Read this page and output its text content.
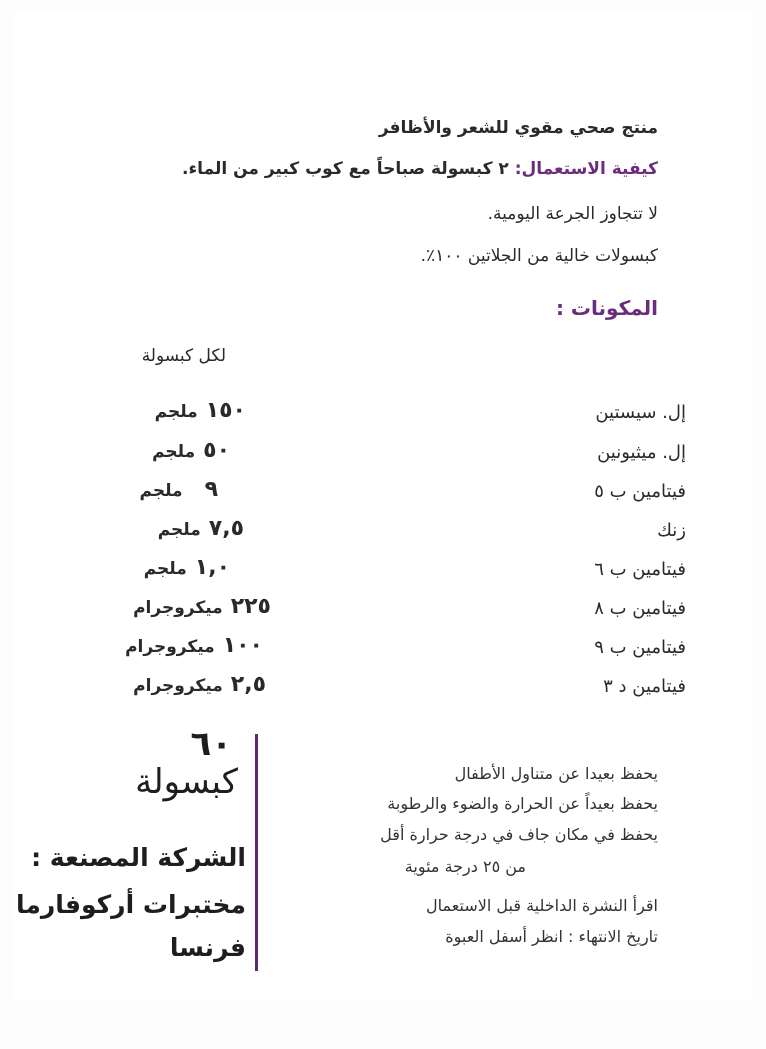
منتج صحي مقوي للشعر والأظافر
كيفية الاستعمال: ٢ كبسولة صباحاً مع كوب كبير من الماء.
لا تتجاوز الجرعة اليومية.
كبسولات خالية من الجلاتين ١٠٠٪.
المكونات :
لكل كبسولة
إل. سيستين
١٥٠ملجم
إل. ميثيونين
٥٠ملجم
فيتامين ب ٥
٩ملجم
زنك
٧,٥ملجم
فيتامين ب ٦
١,٠ملجم
فيتامين ب ٨
٢٢٥ميكروجرام
فيتامين ب ٩
١٠٠ميكروجرام
فيتامين د ٣
٢,٥ميكروجرام
٦٠
كبسولة
الشركة المصنعة :
مختبرات أركوفارما
فرنسا
يحفظ بعيدا عن متناول الأطفال
يحفظ بعيداً عن الحرارة والضوء والرطوبة
يحفظ في مكان جاف في درجة حرارة أقل
من ٢٥ درجة مئوية
اقرأ النشرة الداخلية قبل الاستعمال
تاريخ الانتهاء : انظر أسفل العبوة
